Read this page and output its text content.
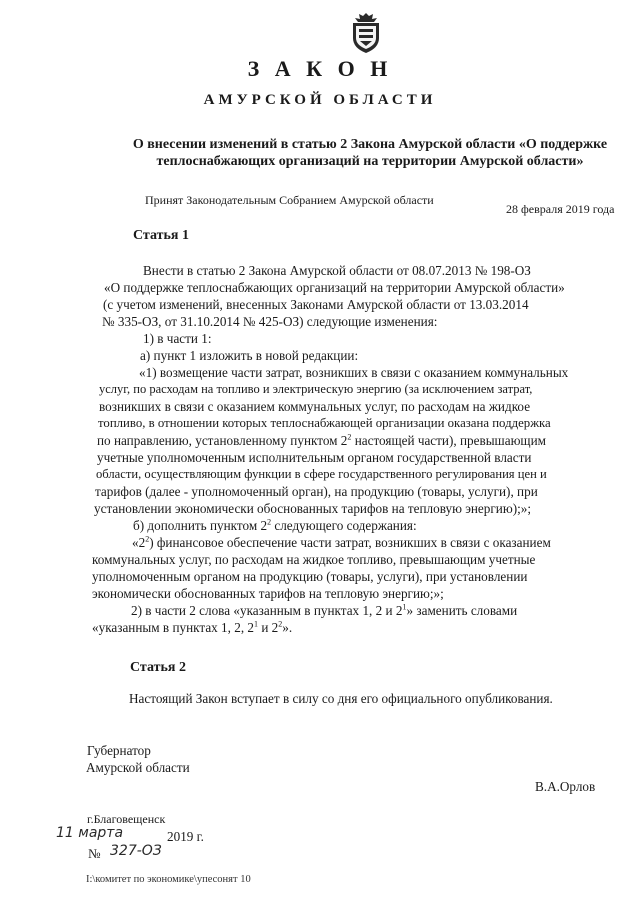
З А К О Н
АМУРСКОЙ ОБЛАСТИ
О внесении изменений в статью 2 Закона Амурской области «О поддержке теплоснабжающих организаций на территории Амурской области»
Принят Законодательным Собранием Амурской области
28 февраля 2019 года
Статья 1
Внести в статью 2 Закона Амурской области от 08.07.2013 № 198-ОЗ
«О поддержке теплоснабжающих организаций на территории Амурской области»
(с учетом изменений, внесенных Законами Амурской области от 13.03.2014
№ 335-ОЗ, от 31.10.2014 № 425-ОЗ) следующие изменения:
1) в части 1:
а) пункт 1 изложить в новой редакции:
«1) возмещение части затрат, возникших в связи с оказанием коммунальных
услуг, по расходам на топливо и электрическую энергию (за исключением затрат,
возникших в связи с оказанием коммунальных услуг, по расходам на жидкое
топливо, в отношении которых теплоснабжающей организации оказана поддержка
по направлению, установленному пунктом $2^2$ настоящей части), превышающим
учетные уполномоченным исполнительным органом государственной власти
области, осуществляющим функции в сфере государственного регулирования цен и
тарифов (далее - уполномоченный орган), на продукцию (товары, услуги), при
установлении экономически обоснованных тарифов на тепловую энергию);»;
б) дополнить пунктом $2^2$ следующего содержания:
«$2^2$) финансовое обеспечение части затрат, возникших в связи с оказанием
коммунальных услуг, по расходам на жидкое топливо, превышающим учетные
уполномоченным органом на продукцию (товары, услуги), при установлении
экономически обоснованных тарифов на тепловую энергию;»;
2) в части 2 слова «указанным в пунктах 1, 2 и $2^1$» заменить словами
«указанным в пунктах 1, 2, $2^1$ и $2^2$».
Статья 2
Настоящий Закон вступает в силу со дня его официального опубликования.
Губернатор
Амурской области
В.А.Орлов
г.Благовещенск
11 марта	2019 г.
№ 327-ОЗ
I:\комитет по экономике\упесонят 10
